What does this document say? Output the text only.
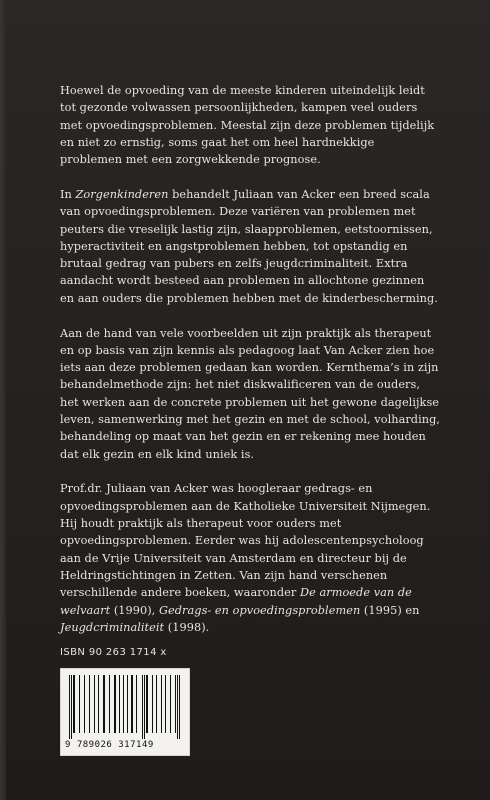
Hoewel de opvoeding van de meeste kinderen uiteindelijk leidt tot gezonde volwassen persoonlijkheden, kampen veel ouders met opvoedingsproblemen. Meestal zijn deze problemen tijdelijk en niet zo ernstig, soms gaat het om heel hardnekkige problemen met een zorgwekkende prognose.

In Zorgenkinderen behandelt Juliaan van Acker een breed scala van opvoedingsproblemen. Deze variëren van problemen met peuters die vreselijk lastig zijn, slaapproblemen, eetstoornissen, hyperactiviteit en angstproblemen hebben, tot opstandig en brutaal gedrag van pubers en zelfs jeugdcriminaliteit. Extra aandacht wordt besteed aan problemen in allochtone gezinnen en aan ouders die problemen hebben met de kinderbescherming.

Aan de hand van vele voorbeelden uit zijn praktijk als therapeut en op basis van zijn kennis als pedagoog laat Van Acker zien hoe iets aan deze problemen gedaan kan worden. Kernthema’s in zijn behandelmethode zijn: het niet diskwalificeren van de ouders, het werken aan de concrete problemen uit het gewone dagelijkse leven, samenwerking met het gezin en met de school, volharding, behandeling op maat van het gezin en er rekening mee houden dat elk gezin en elk kind uniek is.

Prof.dr. Juliaan van Acker was hoogleraar gedrags- en opvoedingsproblemen aan de Katholieke Universiteit Nijmegen. Hij houdt praktijk als therapeut voor ouders met opvoedingsproblemen. Eerder was hij adolescentenpsycholoog aan de Vrije Universiteit van Amsterdam en directeur bij de Heldringstichtingen in Zetten. Van zijn hand verschenen verschillende andere boeken, waaronder De armoede van de welvaart (1990), Gedrags- en opvoedingsproblemen (1995) en Jeugdcriminaliteit (1998).

ISBN 90 263 1714 x
9 789026 317149
